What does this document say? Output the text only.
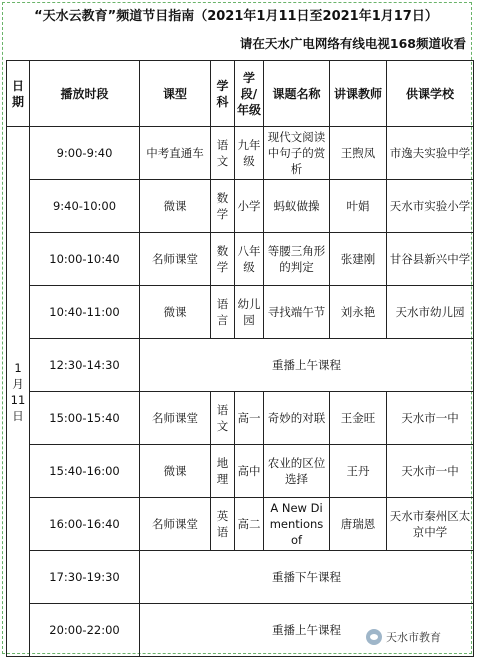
“天水云教育”频道节目指南（2021年1月11日至2021年1月17日）
请在天水广电网络有线电视168频道收看
日期	播放时段	课型	学科	学段/年级	课题名称	讲课教师	供课学校
1月11日	9:00-9:40	中考直通车	语文	九年级	现代文阅读中句子的赏析	王煦凤	市逸夫实验中学
	9:40-10:00	微课	数学	小学	蚂蚁做操	叶娟	天水市实验小学
	10:00-10:40	名师课堂	数学	八年级	等腰三角形的判定	张建刚	甘谷县新兴中学
	10:40-11:00	微课	语言	幼儿园	寻找端午节	刘永艳	天水市幼儿园
	12:30-14:30	重播上午课程					
	15:00-15:40	名师课堂	语文	高一	奇妙的对联	王金旺	天水市一中
	15:40-16:00	微课	地理	高中	农业的区位选择	王丹	天水市一中
	16:00-16:40	名师课堂	英语	高二	A New Dimentions of	唐瑞恩	天水市秦州区太京中学
	17:30-19:30	重播下午课程					
	20:00-22:00	重播上午课程					
天水市教育
